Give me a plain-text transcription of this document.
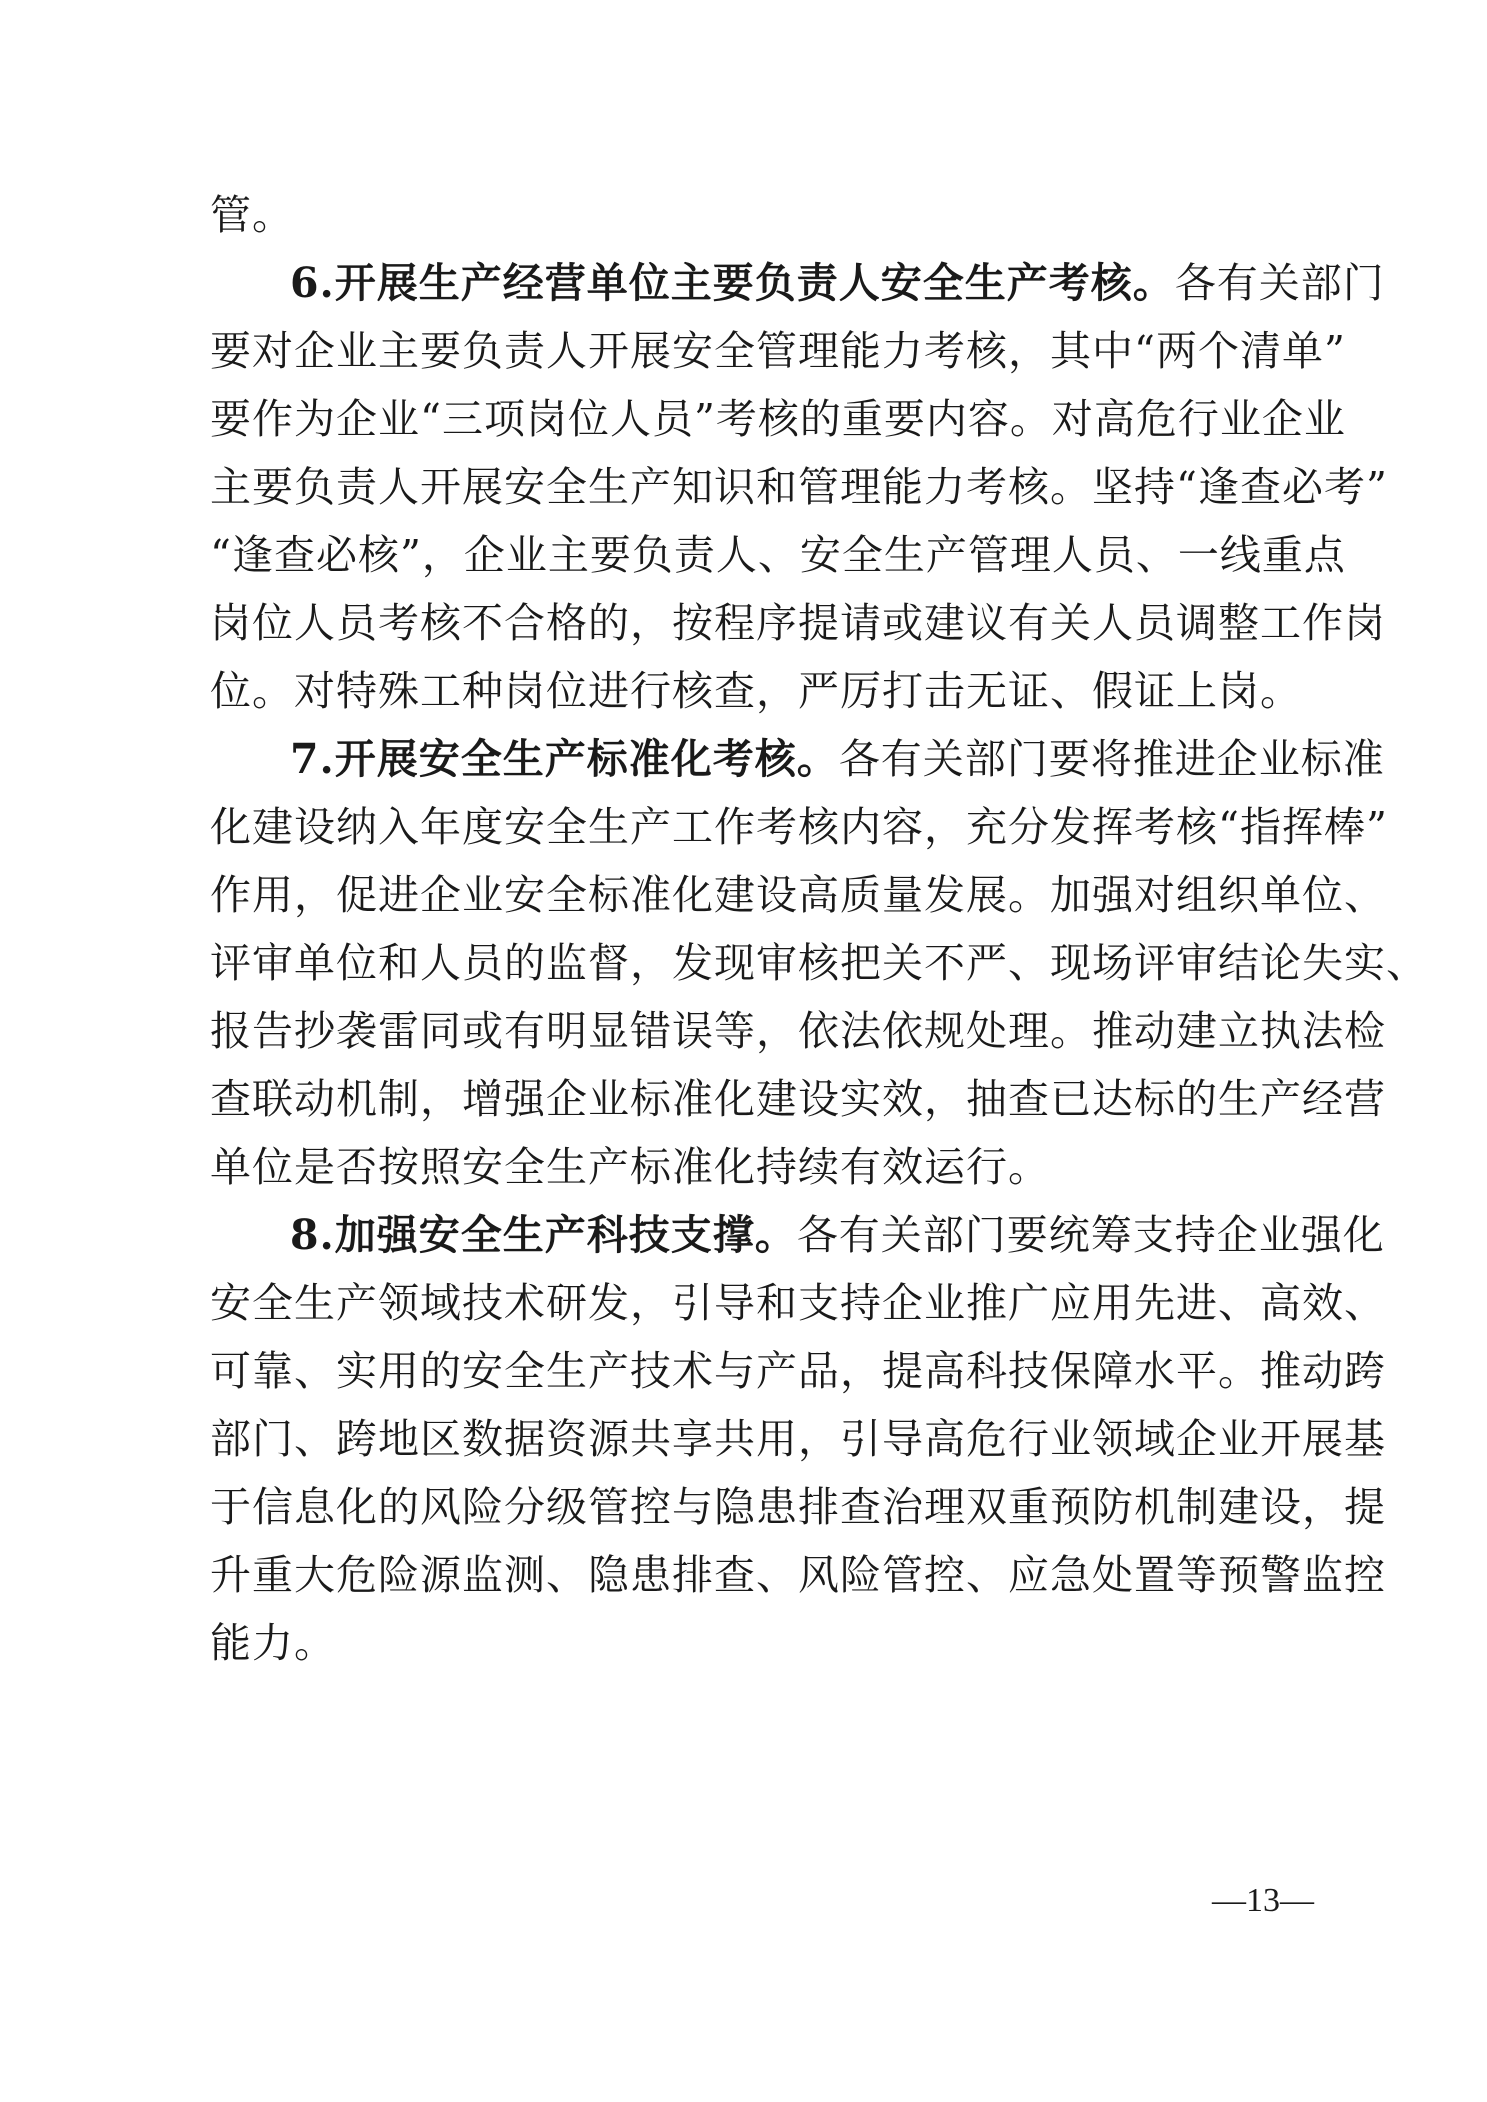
管。
6.开展生产经营单位主要负责人安全生产考核。各有关部门
要对企业主要负责人开展安全管理能力考核，其中“两个清单”
要作为企业“三项岗位人员”考核的重要内容。对高危行业企业
主要负责人开展安全生产知识和管理能力考核。坚持“逢查必考”
“逢查必核”，企业主要负责人、安全生产管理人员、一线重点
岗位人员考核不合格的，按程序提请或建议有关人员调整工作岗
位。对特殊工种岗位进行核查，严厉打击无证、假证上岗。
7.开展安全生产标准化考核。各有关部门要将推进企业标准
化建设纳入年度安全生产工作考核内容，充分发挥考核“指挥棒”
作用，促进企业安全标准化建设高质量发展。加强对组织单位、
评审单位和人员的监督，发现审核把关不严、现场评审结论失实、
报告抄袭雷同或有明显错误等，依法依规处理。推动建立执法检
查联动机制，增强企业标准化建设实效，抽查已达标的生产经营
单位是否按照安全生产标准化持续有效运行。
8.加强安全生产科技支撑。各有关部门要统筹支持企业强化
安全生产领域技术研发，引导和支持企业推广应用先进、高效、
可靠、实用的安全生产技术与产品，提高科技保障水平。推动跨
部门、跨地区数据资源共享共用，引导高危行业领域企业开展基
于信息化的风险分级管控与隐患排查治理双重预防机制建设，提
升重大危险源监测、隐患排查、风险管控、应急处置等预警监控
能力。
—13—
